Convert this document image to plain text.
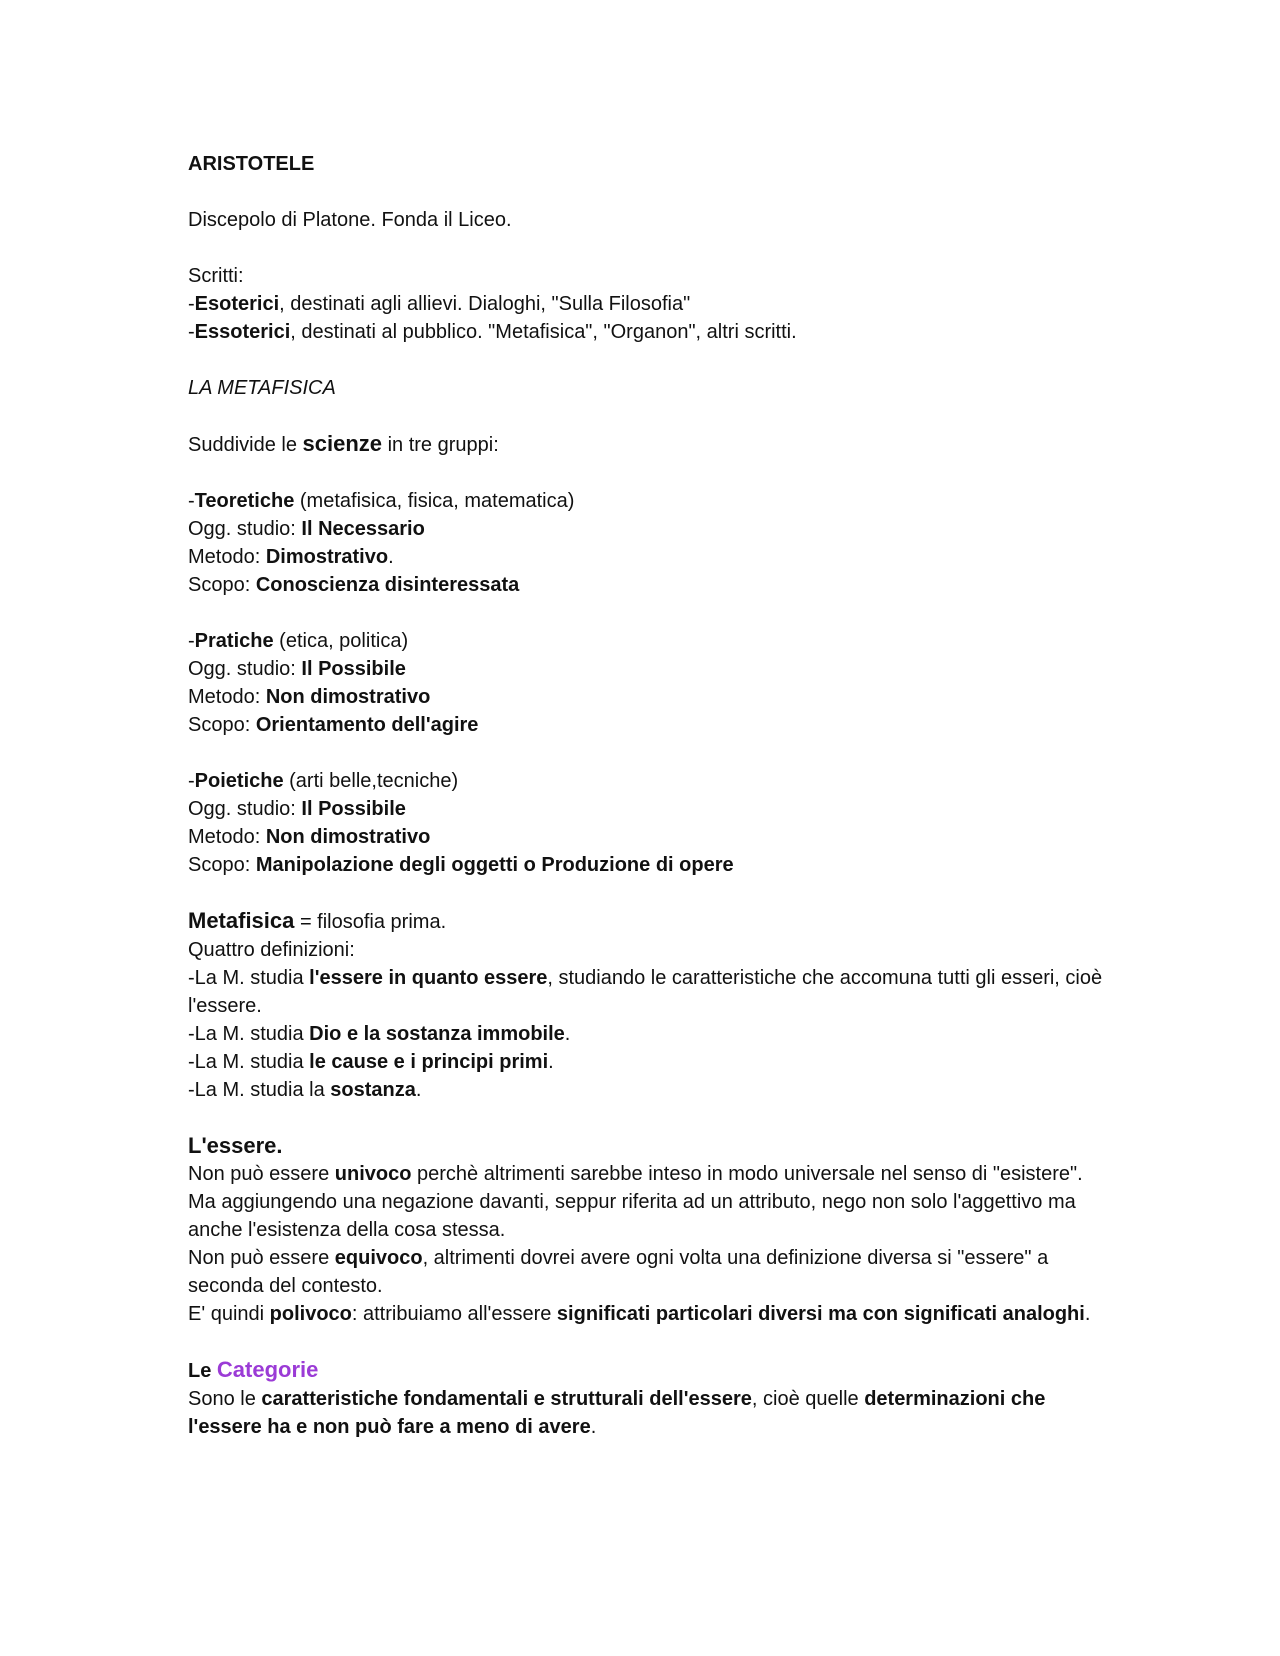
ARISTOTELE
Discepolo di Platone. Fonda il Liceo.
Scritti:
-Esoterici, destinati agli allievi. Dialoghi, "Sulla Filosofia"
-Essoterici, destinati al pubblico. "Metafisica", "Organon", altri scritti.
LA METAFISICA
Suddivide le scienze in tre gruppi:
-Teoretiche (metafisica, fisica, matematica)
Ogg. studio: Il Necessario
Metodo: Dimostrativo.
Scopo: Conoscienza disinteressata
-Pratiche (etica, politica)
Ogg. studio: Il Possibile
Metodo: Non dimostrativo
Scopo: Orientamento dell'agire
-Poietiche (arti belle,tecniche)
Ogg. studio: Il Possibile
Metodo: Non dimostrativo
Scopo: Manipolazione degli oggetti o Produzione di opere
Metafisica = filosofia prima.
Quattro definizioni:
-La M. studia l'essere in quanto essere, studiando le caratteristiche che accomuna tutti gli esseri, cioè l'essere.
-La M. studia Dio e la sostanza immobile.
-La M. studia le cause e i principi primi.
-La M. studia la sostanza.
L'essere.
Non può essere univoco perchè altrimenti sarebbe inteso in modo universale nel senso di "esistere". Ma aggiungendo una negazione davanti, seppur riferita ad un attributo, nego non solo l'aggettivo ma anche l'esistenza della cosa stessa.
Non può essere equivoco, altrimenti dovrei avere ogni volta una definizione diversa si "essere" a seconda del contesto.
E' quindi polivoco: attribuiamo all'essere significati particolari diversi ma con significati analoghi.
Le Categorie
Sono le caratteristiche fondamentali e strutturali dell'essere, cioè quelle determinazioni che l'essere ha e non può fare a meno di avere.
